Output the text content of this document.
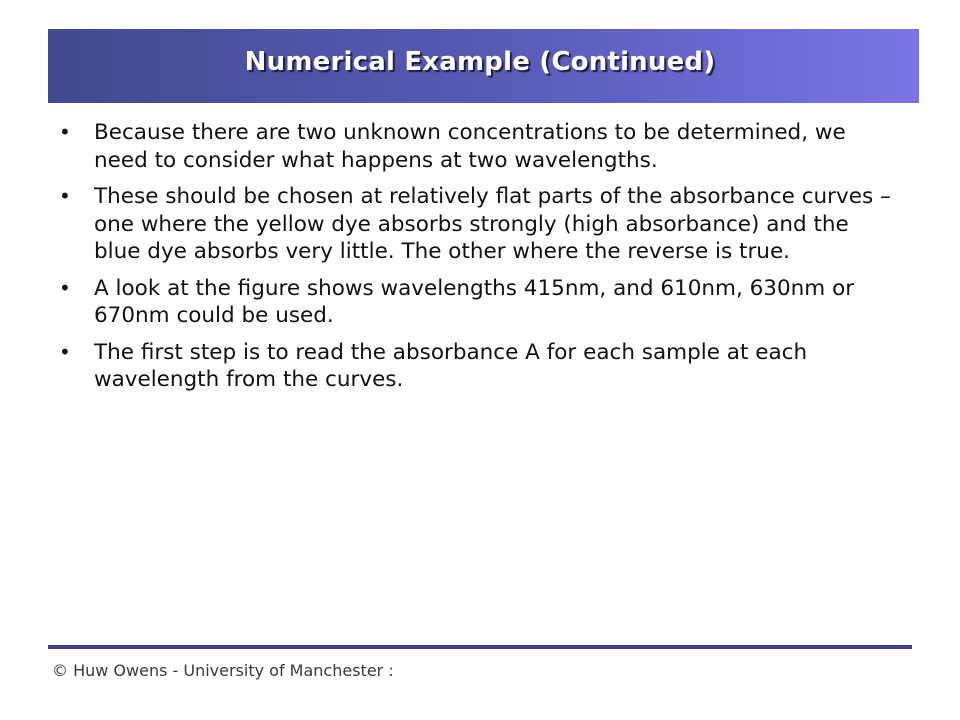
Numerical Example (Continued)
• Because there are two unknown concentrations to be determined, we need to consider what happens at two wavelengths.
• These should be chosen at relatively flat parts of the absorbance curves – one where the yellow dye absorbs strongly (high absorbance) and the blue dye absorbs very little. The other where the reverse is true.
• A look at the figure shows wavelengths 415nm, and 610nm, 630nm or 670nm could be used.
• The first step is to read the absorbance A for each sample at each wavelength from the curves.
© Huw Owens - University of Manchester :
